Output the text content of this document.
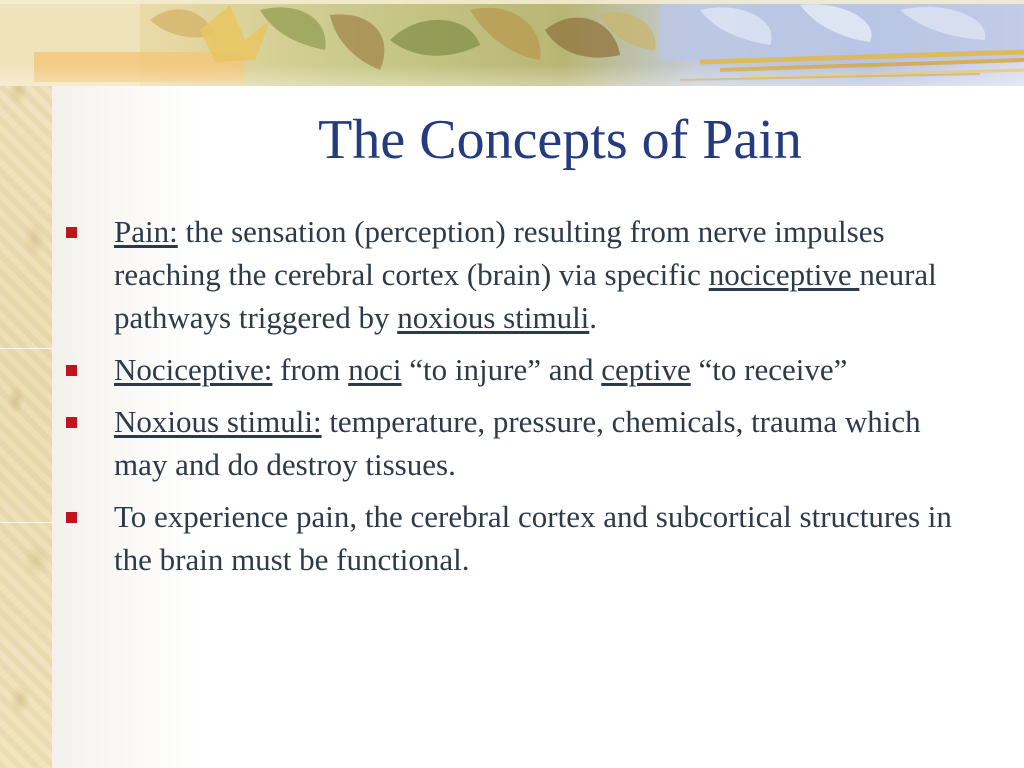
The Concepts of Pain
Pain: the sensation (perception) resulting from nerve impulses reaching the cerebral cortex (brain) via specific nociceptive neural pathways triggered by noxious stimuli.
Nociceptive: from noci “to injure” and ceptive “to receive”
Noxious stimuli: temperature, pressure, chemicals, trauma which may and do destroy tissues.
To experience pain, the cerebral cortex and subcortical structures in the brain must be functional.
